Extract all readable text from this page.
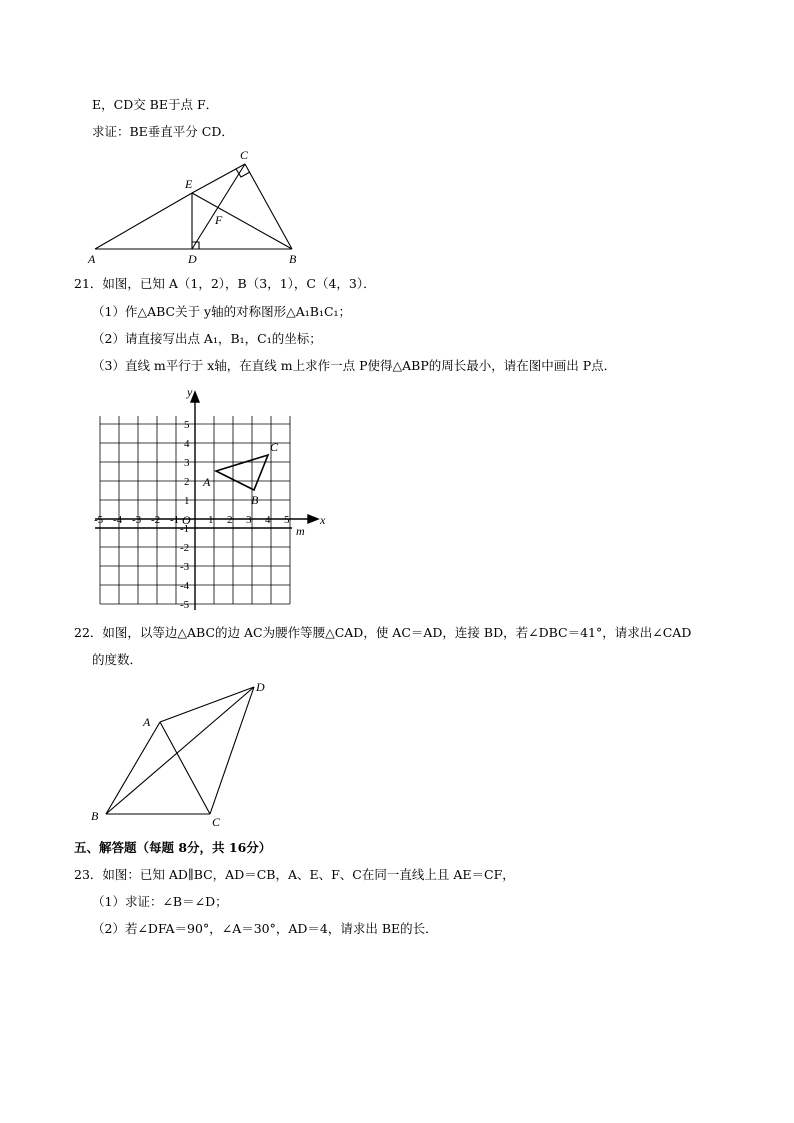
E，CD交 BE于点 F．
求证：BE垂直平分 CD．
A	B
C
D
E
F
21．如图，已知 A（1，2），B（3，1），C（4，3）．
（1）作△ABC关于 y轴的对称图形△A₁B₁C₁；
（2）请直接写出点 A₁，B₁，C₁的坐标；
（3）直线 m平行于 x轴，在直线 m上求作一点 P使得△ABP的周长最小，请在图中画出 P点．
-5 -4 -3 -2 -1	1 2 3 4 5
5
4
3
2
1
-1
-2
-3
-4
-5
O	x
y
m
A
B
C
22．如图，以等边△ABC的边 AC为腰作等腰△CAD，使 AC＝AD，连接 BD，若∠DBC＝41°，请求出∠CAD
的度数．
A
B	C
D
五、解答题（每题 8分，共 16分）
23．如图：已知 AD∥BC，AD＝CB，A、E、F、C在同一直线上且 AE＝CF，
（1）求证：∠B＝∠D；
（2）若∠DFA＝90°，∠A＝30°，AD＝4，请求出 BE的长．
